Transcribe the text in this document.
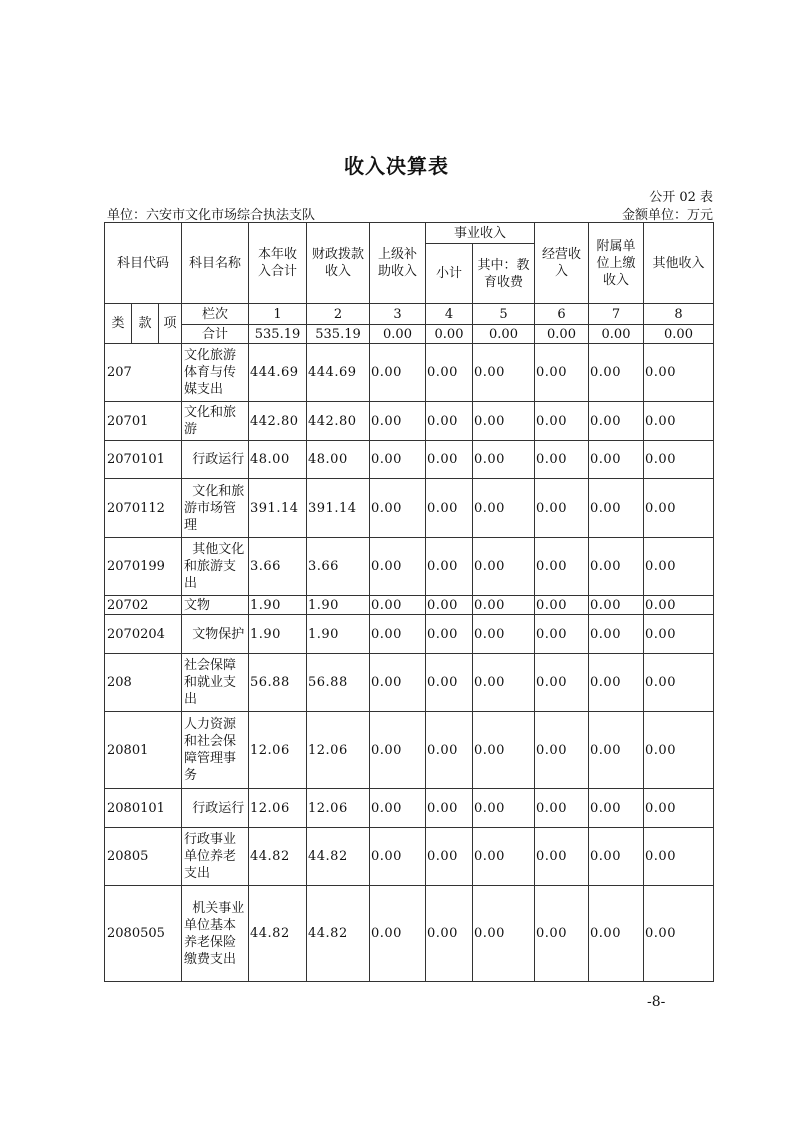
收入决算表
公开 02 表
单位：六安市文化市场综合执法支队	金额单位：万元
科目代码			科目名称	本年收入合计	财政拨款收入	上级补助收入	事业收入		经营收入	附属单位上缴收入	其他收入
							小计	其中：教育收费			

类	款	项	栏次	1	2	3	4	5	6	7	8
			合计	535.19	535.19	0.00	0.00	0.00	0.00	0.00	0.00
207			文化旅游体育与传媒支出	444.69	444.69	0.00	0.00	0.00	0.00	0.00	0.00
20701			文化和旅游	442.80	442.80	0.00	0.00	0.00	0.00	0.00	0.00
2070101			行政运行	48.00	48.00	0.00	0.00	0.00	0.00	0.00	0.00
2070112			文化和旅游市场管理	391.14	391.14	0.00	0.00	0.00	0.00	0.00	0.00
2070199			其他文化和旅游支出	3.66	3.66	0.00	0.00	0.00	0.00	0.00	0.00
20702			文物	1.90	1.90	0.00	0.00	0.00	0.00	0.00	0.00
2070204			文物保护	1.90	1.90	0.00	0.00	0.00	0.00	0.00	0.00
208			社会保障和就业支出	56.88	56.88	0.00	0.00	0.00	0.00	0.00	0.00
20801			人力资源和社会保障管理事务	12.06	12.06	0.00	0.00	0.00	0.00	0.00	0.00
2080101			行政运行	12.06	12.06	0.00	0.00	0.00	0.00	0.00	0.00
20805			行政事业单位养老支出	44.82	44.82	0.00	0.00	0.00	0.00	0.00	0.00
2080505			机关事业单位基本养老保险缴费支出	44.82	44.82	0.00	0.00	0.00	0.00	0.00	0.00
-8-
